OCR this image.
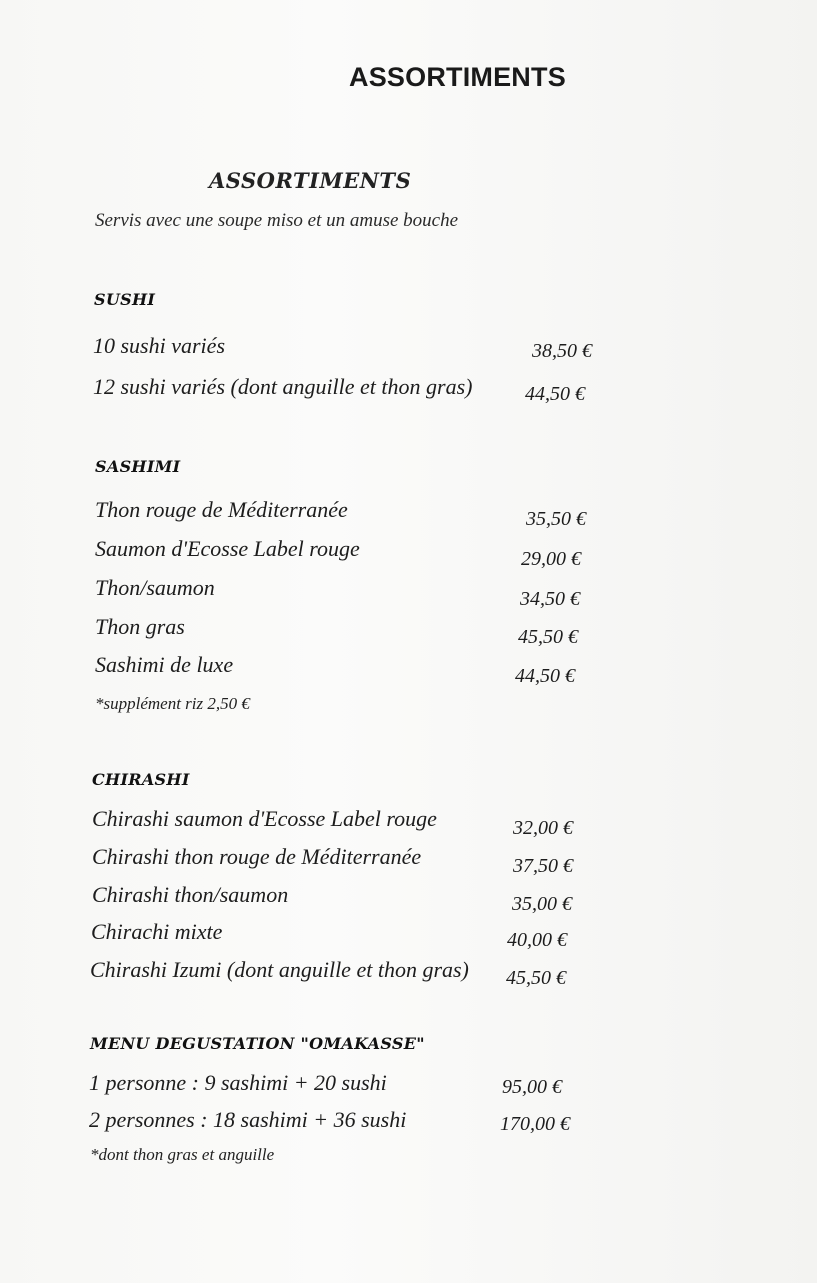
ASSORTIMENTS
ASSORTIMENTS
Servis avec une soupe miso et un amuse bouche
SUSHI
10 sushi variés	38,50 €
12 sushi variés (dont anguille et thon gras)	44,50 €
SASHIMI
Thon rouge de Méditerranée	35,50 €
Saumon d'Ecosse Label rouge	29,00 €
Thon/saumon	34,50 €
Thon gras	45,50 €
Sashimi de luxe	44,50 €
*supplément riz 2,50 €
CHIRASHI
Chirashi saumon d'Ecosse Label rouge	32,00 €
Chirashi thon rouge de Méditerranée	37,50 €
Chirashi thon/saumon	35,00 €
Chirachi mixte	40,00 €
Chirashi Izumi (dont anguille et thon gras) 45,50 €
MENU DEGUSTATION "OMAKASSE"
1 personne : 9 sashimi + 20 sushi	95,00 €
2 personnes : 18 sashimi + 36 sushi	170,00 €
*dont thon gras et anguille
